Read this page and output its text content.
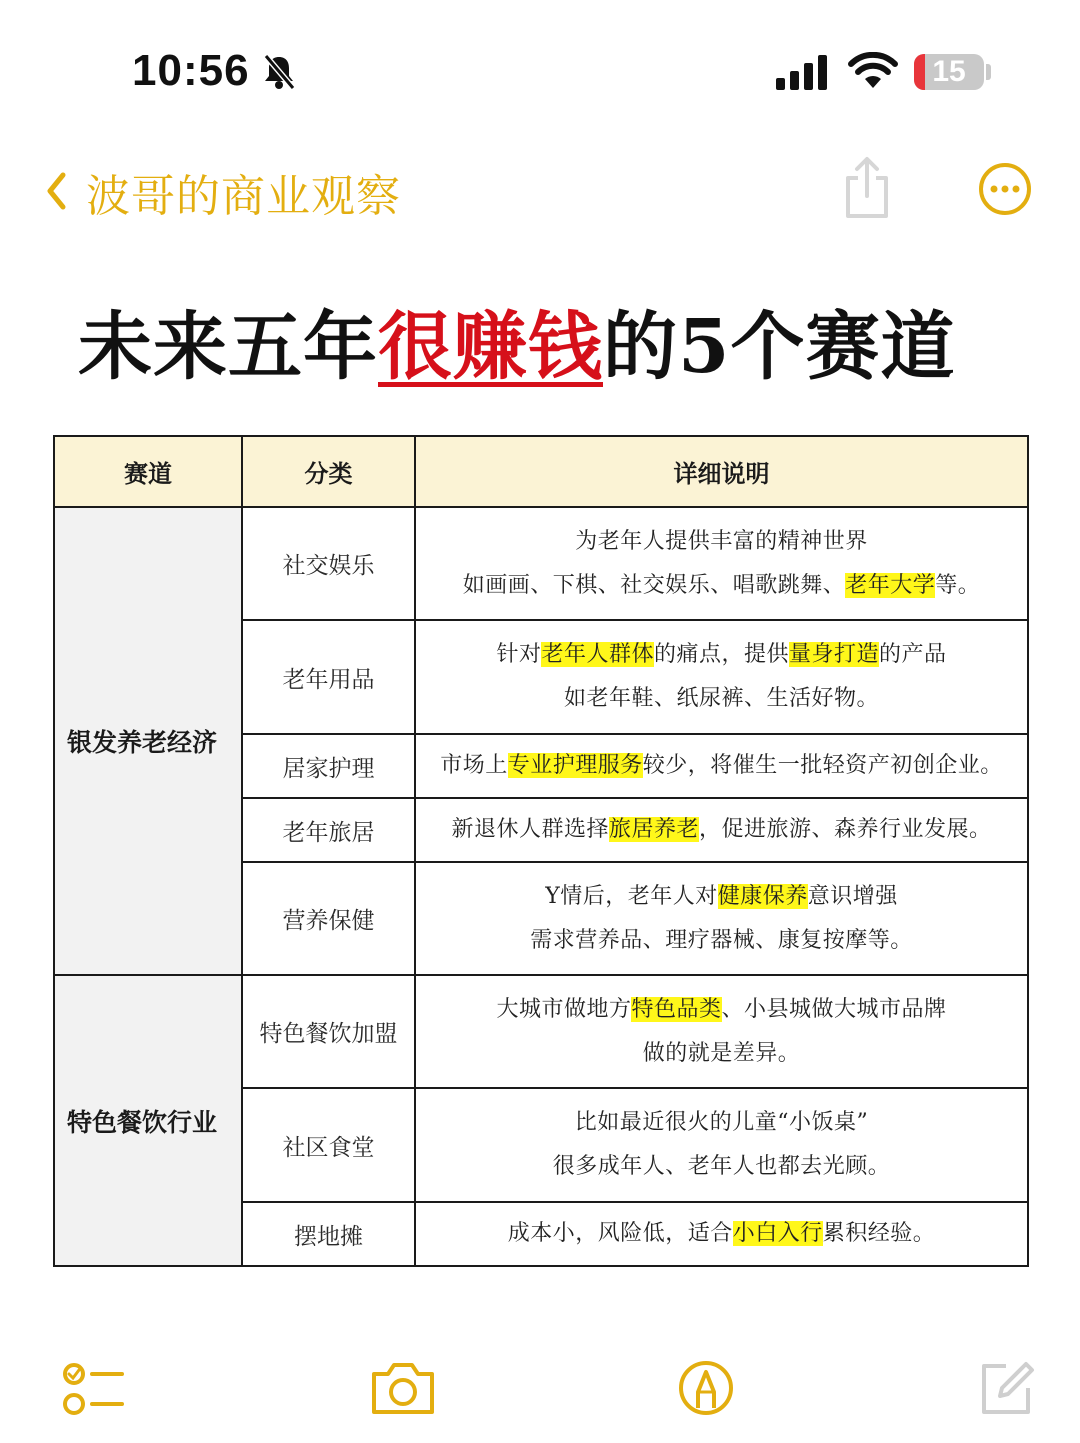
10:56	15
波哥的商业观察
未来五年很赚钱的5个赛道
赛道	分类	详细说明
银发养老经济	社交娱乐	为老年人提供丰富的精神世界
如画画、下棋、社交娱乐、唱歌跳舞、老年大学等。

	老年用品	针对老年人群体的痛点，提供量身打造的产品
如老年鞋、纸尿裤、生活好物。

	居家护理	市场上专业护理服务较少，将催生一批轻资产初创企业。

	老年旅居	新退休人群选择旅居养老，促进旅游、森养行业发展。

	营养保健	Y情后，老年人对健康保养意识增强
需求营养品、理疗器械、康复按摩等。

特色餐饮行业	特色餐饮加盟	大城市做地方特色品类、小县城做大城市品牌
做的就是差异。

	社区食堂	比如最近很火的儿童“小饭桌”
很多成年人、老年人也都去光顾。

	摆地摊	成本小，风险低，适合小白入行累积经验。
